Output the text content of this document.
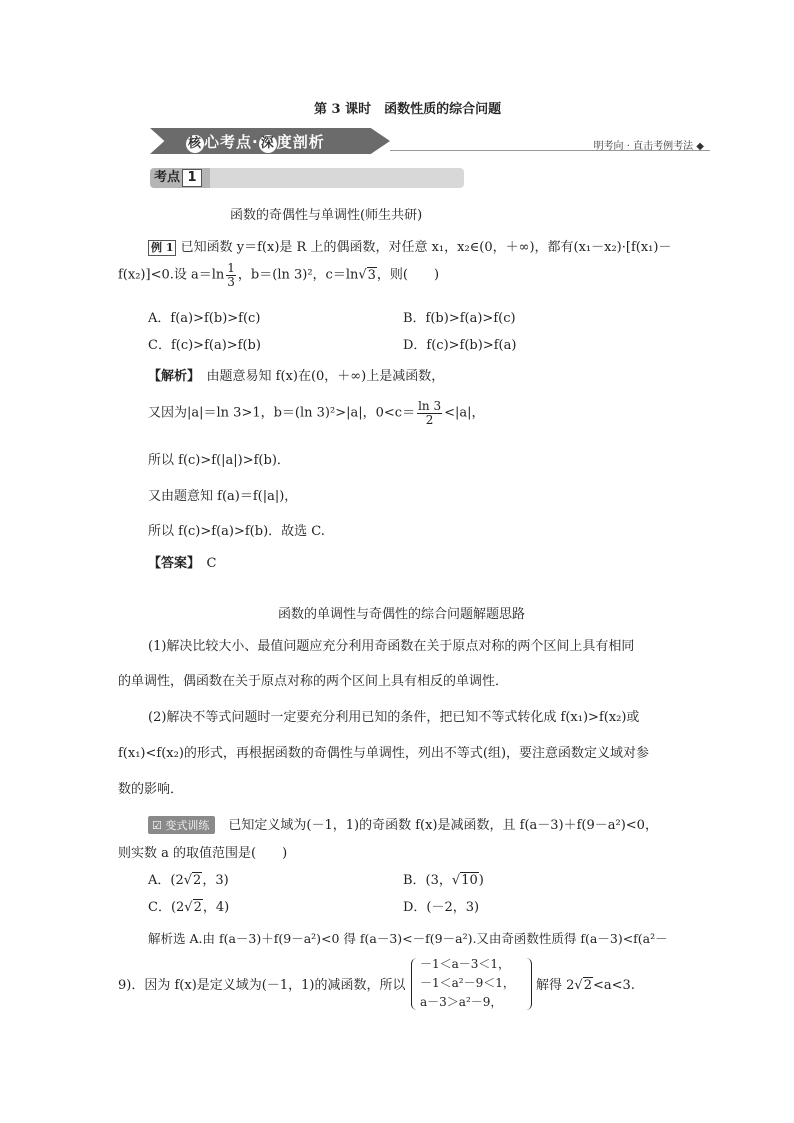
第 3 课时　函数性质的综合问题
核 心考点· 深 度剖析	明考向 · 直击考例考法 ◆
考点 1
函数的奇偶性与单调性(师生共研)
例 1 已知函数 y＝f(x)是 R 上的偶函数，对任意 x₁，x₂∈(0，＋∞)，都有(x₁－x₂)·[f(x₁)－
f(x₂)]<0.设 $a=\ln \frac{1}{3}$ ，b＝(ln 3)²，c＝ln√3，则(　　)
A．f(a)>f(b)>f(c)	B．f(b)>f(a)>f(c)
C．f(c)>f(a)>f(b)	D．f(c)>f(b)>f(a)
【解析】　 由题意易知 f(x)在(0，＋∞)上是减函数，
又因为|a|＝ln 3>1，b＝(ln 3)²>|a|，$0<c= \frac{\ln 3}{2} <|a|$，
所以 f(c)>f(|a|)>f(b)．
又由题意知 f(a)＝f(|a|)，
所以 f(c)>f(a)>f(b)．故选 C.
【答案】　 C
函数的单调性与奇偶性的综合问题解题思路
(1)解决比较大小、最值问题应充分利用奇函数在关于原点对称的两个区间上具有相同
的单调性，偶函数在关于原点对称的两个区间上具有相反的单调性．
(2)解决不等式问题时一定要充分利用已知的条件，把已知不等式转化成 f(x₁)>f(x₂)或
f(x₁)<f(x₂)的形式，再根据函数的奇偶性与单调性，列出不等式(组)，要注意函数定义域对参
数的影响．
☑ 变式训练　 已知定义域为(－1，1)的奇函数 f(x)是减函数，且 f(a－3)＋f(9－a²)<0，
则实数 a 的取值范围是(　　)
A．(2√2，3)	B．(3，√10)
C．(2√2，4)	D．(－2，3)
解析选 A.由 f(a－3)＋f(9－a²)<0 得 f(a－3)<－f(9－a²).又由奇函数性质得 f(a－3)<f(a²－
9)．因为 f(x)是定义域为(－1，1)的减函数，所以
－1＜a－3＜1，
－1＜a²－9＜1，
a－3＞a²－9，
解得 2√2<a<3.
